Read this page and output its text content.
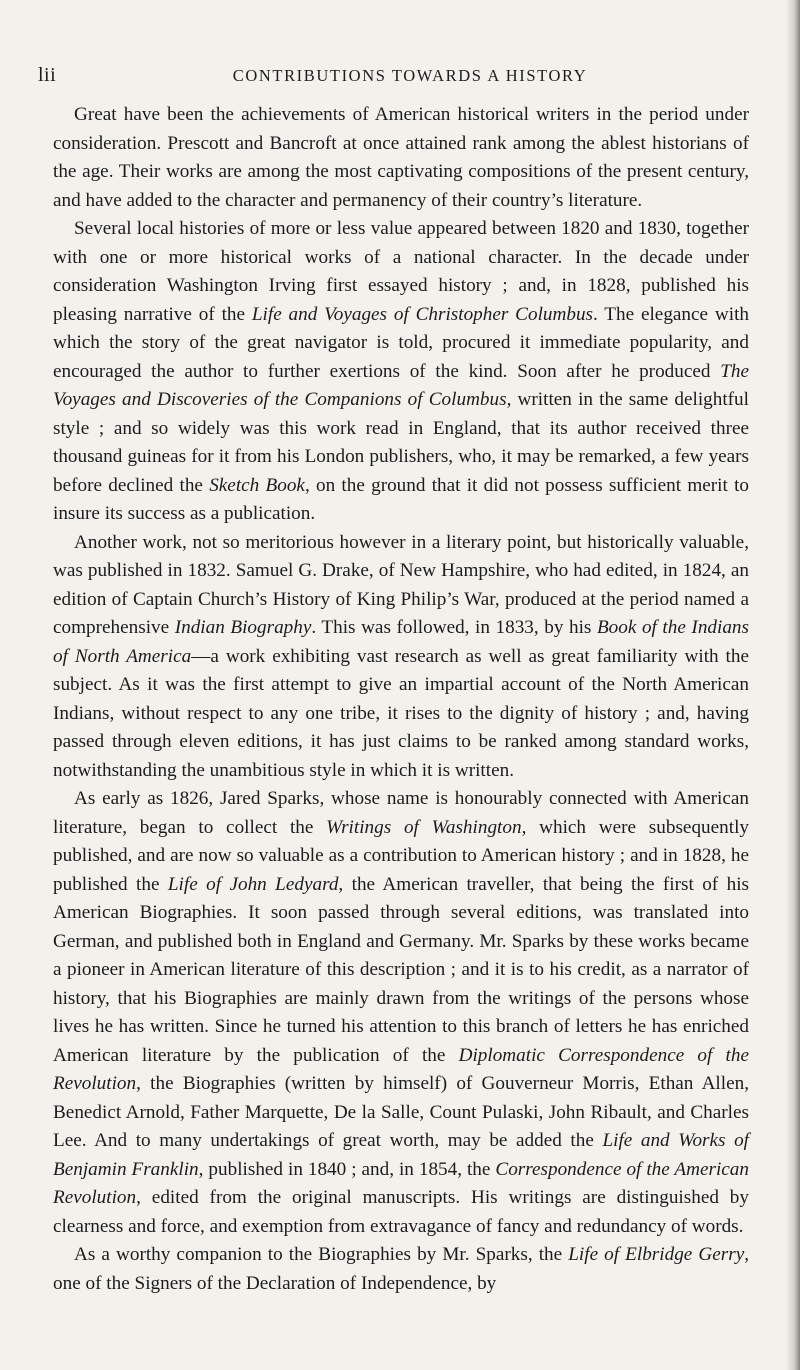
lii	CONTRIBUTIONS TOWARDS A HISTORY

Great have been the achievements of American historical writers in the period under consideration. Prescott and Bancroft at once attained rank among the ablest historians of the age. Their works are among the most captivating compositions of the present century, and have added to the character and permanency of their country’s literature.

Several local histories of more or less value appeared between 1820 and 1830, together with one or more historical works of a national character. In the decade under consideration Washington Irving first essayed history ; and, in 1828, published his pleasing narrative of the Life and Voyages of Christopher Columbus. The elegance with which the story of the great navigator is told, procured it immediate popularity, and encouraged the author to further exertions of the kind. Soon after he produced The Voyages and Discoveries of the Companions of Columbus, written in the same delightful style ; and so widely was this work read in England, that its author received three thousand guineas for it from his London publishers, who, it may be remarked, a few years before declined the Sketch Book, on the ground that it did not possess sufficient merit to insure its success as a publication.

Another work, not so meritorious however in a literary point, but historically valuable, was published in 1832. Samuel G. Drake, of New Hampshire, who had edited, in 1824, an edition of Captain Church’s History of King Philip’s War, produced at the period named a comprehensive Indian Biography. This was followed, in 1833, by his Book of the Indians of North America—a work exhibiting vast research as well as great familiarity with the subject. As it was the first attempt to give an impartial account of the North American Indians, without respect to any one tribe, it rises to the dignity of history ; and, having passed through eleven editions, it has just claims to be ranked among standard works, notwithstanding the unambitious style in which it is written.

As early as 1826, Jared Sparks, whose name is honourably connected with American literature, began to collect the Writings of Washington, which were subsequently published, and are now so valuable as a contribution to American history ; and in 1828, he published the Life of John Ledyard, the American traveller, that being the first of his American Biographies. It soon passed through several editions, was translated into German, and published both in England and Germany. Mr. Sparks by these works became a pioneer in American literature of this description ; and it is to his credit, as a narrator of history, that his Biographies are mainly drawn from the writings of the persons whose lives he has written. Since he turned his attention to this branch of letters he has enriched American literature by the publication of the Diplomatic Correspondence of the Revolution, the Biographies (written by himself) of Gouverneur Morris, Ethan Allen, Benedict Arnold, Father Marquette, De la Salle, Count Pulaski, John Ribault, and Charles Lee. And to many undertakings of great worth, may be added the Life and Works of Benjamin Franklin, published in 1840 ; and, in 1854, the Correspondence of the American Revolution, edited from the original manuscripts. His writings are distinguished by clearness and force, and exemption from extravagance of fancy and redundancy of words.

As a worthy companion to the Biographies by Mr. Sparks, the Life of Elbridge Gerry, one of the Signers of the Declaration of Independence, by
